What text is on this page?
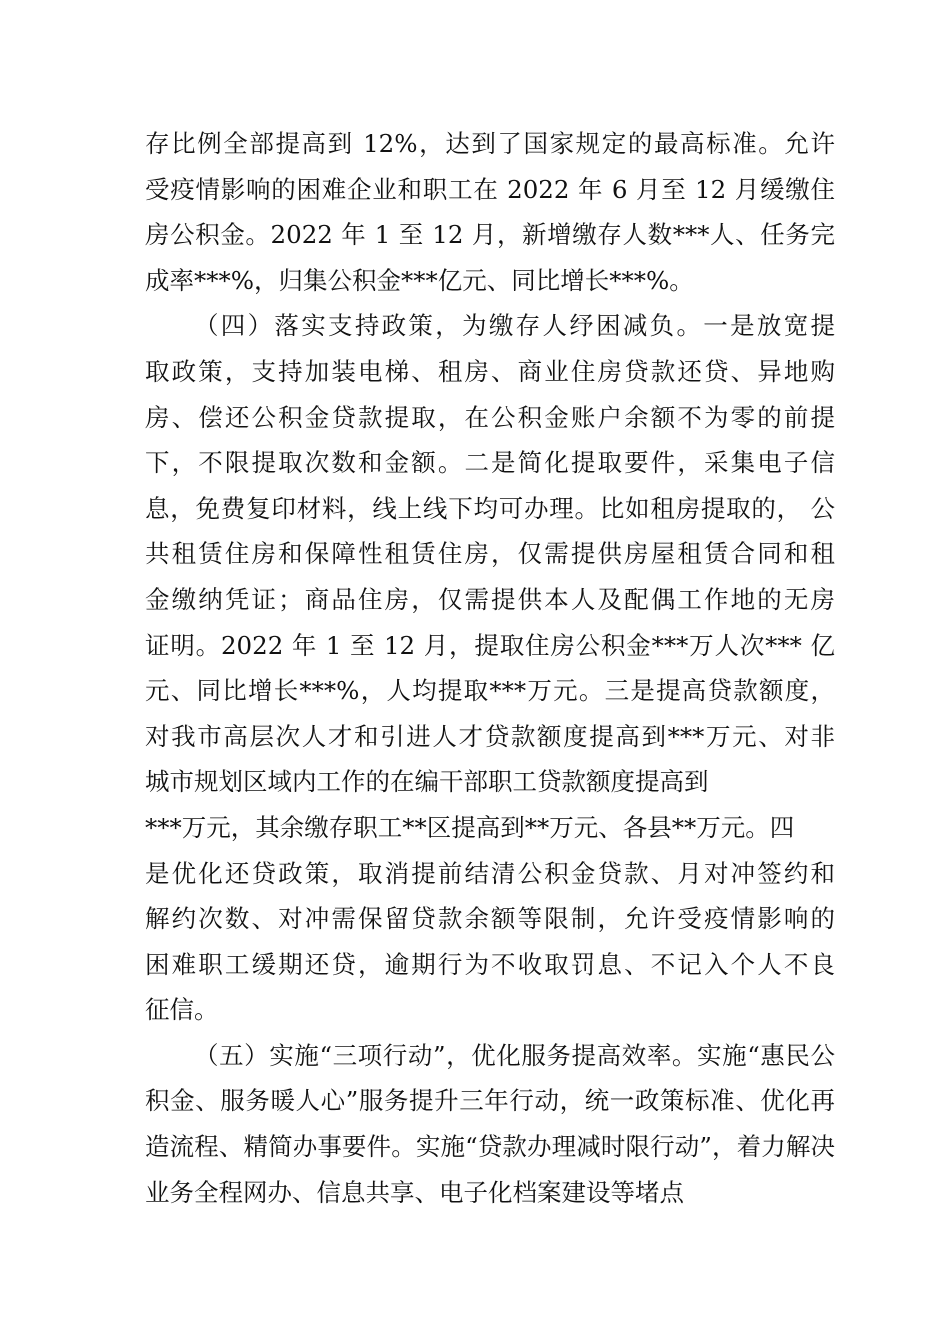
存比例全部提高到 12%，达到了国家规定的最高标准。允许
受疫情影响的困难企业和职工在 2022 年 6 月至 12 月缓缴住
房公积金。2022 年 1 至 12 月，新增缴存人数***人、任务完
成率***%，归集公积金***亿元、同比增长***%。
（四）落实支持政策，为缴存人纾困减负。一是放宽提
取政策，支持加装电梯、租房、商业住房贷款还贷、异地购
房、偿还公积金贷款提取，在公积金账户余额不为零的前提
下，不限提取次数和金额。二是简化提取要件，采集电子信
息，免费复印材料，线上线下均可办理。比如租房提取的， 公
共租赁住房和保障性租赁住房，仅需提供房屋租赁合同和租
金缴纳凭证；商品住房，仅需提供本人及配偶工作地的无房
证明。2022 年 1 至 12 月，提取住房公积金***万人次*** 亿
元、同比增长***%，人均提取***万元。三是提高贷款额度，
对我市高层次人才和引进人才贷款额度提高到***万元、对非
城市规划区域内工作的在编干部职工贷款额度提高到
***万元，其余缴存职工**区提高到**万元、各县**万元。四
是优化还贷政策，取消提前结清公积金贷款、月对冲签约和
解约次数、对冲需保留贷款余额等限制，允许受疫情影响的
困难职工缓期还贷，逾期行为不收取罚息、不记入个人不良
征信。
（五）实施“三项行动”，优化服务提高效率。实施“惠民公
积金、服务暖人心”服务提升三年行动，统一政策标准、优化再
造流程、精简办事要件。实施“贷款办理减时限行动”，着力解决
业务全程网办、信息共享、电子化档案建设等堵点
